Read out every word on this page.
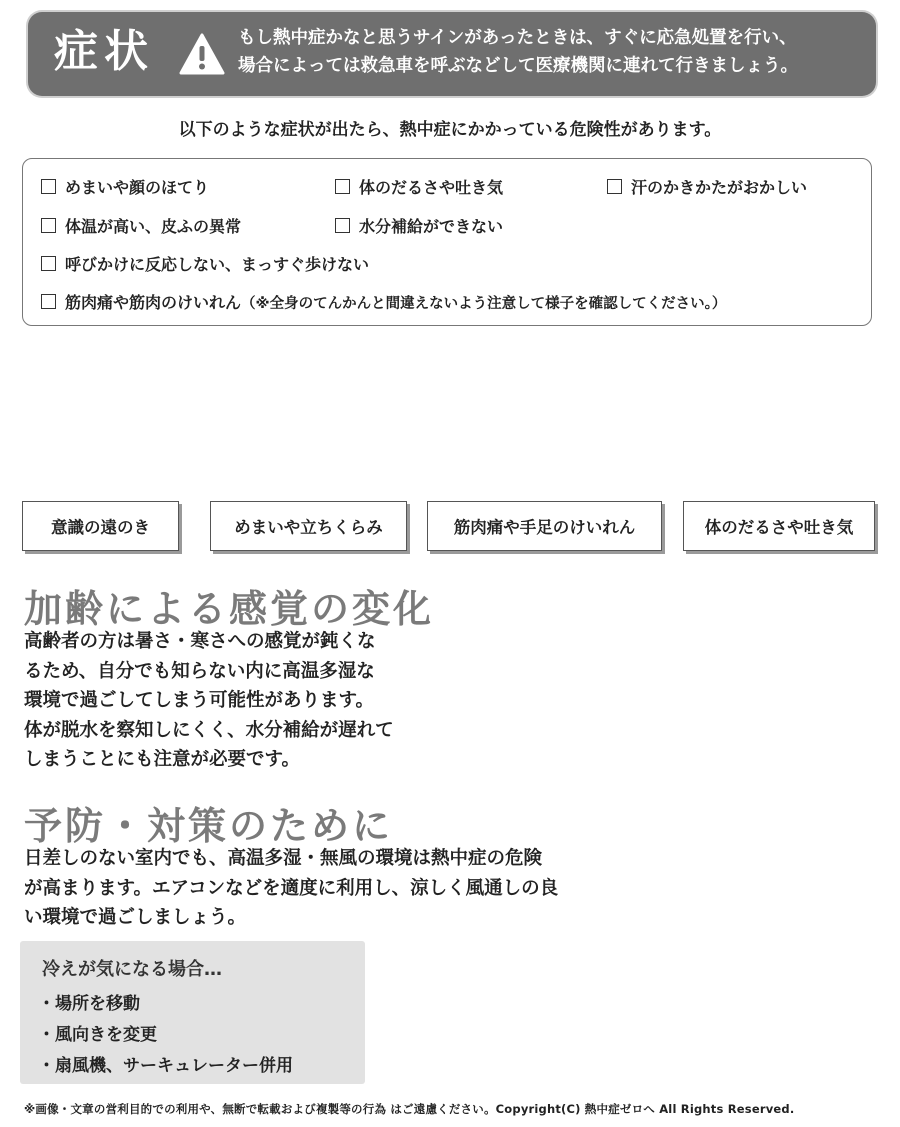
症状	もし熱中症かなと思うサインがあったときは、すぐに応急処置を行い、
場合によっては救急車を呼ぶなどして医療機関に連れて行きましょう。
以下のような症状が出たら、熱中症にかかっている危険性があります。
めまいや顔のほてり	体のだるさや吐き気	汗のかきかたがおかしい
体温が高い、皮ふの異常	水分補給ができない
呼びかけに反応しない、まっすぐ歩けない
筋肉痛や筋肉のけいれん（※全身のてんかんと間違えないよう注意して様子を確認してください。）
意識の遠のき	めまいや立ちくらみ	筋肉痛や手足のけいれん	体のだるさや吐き気
加齢による感覚の変化
高齢者の方は暑さ・寒さへの感覚が鈍くな
るため、自分でも知らない内に高温多湿な
環境で過ごしてしまう可能性があります。
体が脱水を察知しにくく、水分補給が遅れて
しまうことにも注意が必要です。
予防・対策のために
日差しのない室内でも、高温多湿・無風の環境は熱中症の危険
が高まります。エアコンなどを適度に利用し、涼しく風通しの良
い環境で過ごしましょう。
冷えが気になる場合…
・場所を移動
・風向きを変更
・扇風機、サーキュレーター併用
※画像・文章の営利目的での利用や、無断で転載および複製等の行為 はご遠慮ください。Copyright(C) 熱中症ゼロへ All Rights Reserved.
